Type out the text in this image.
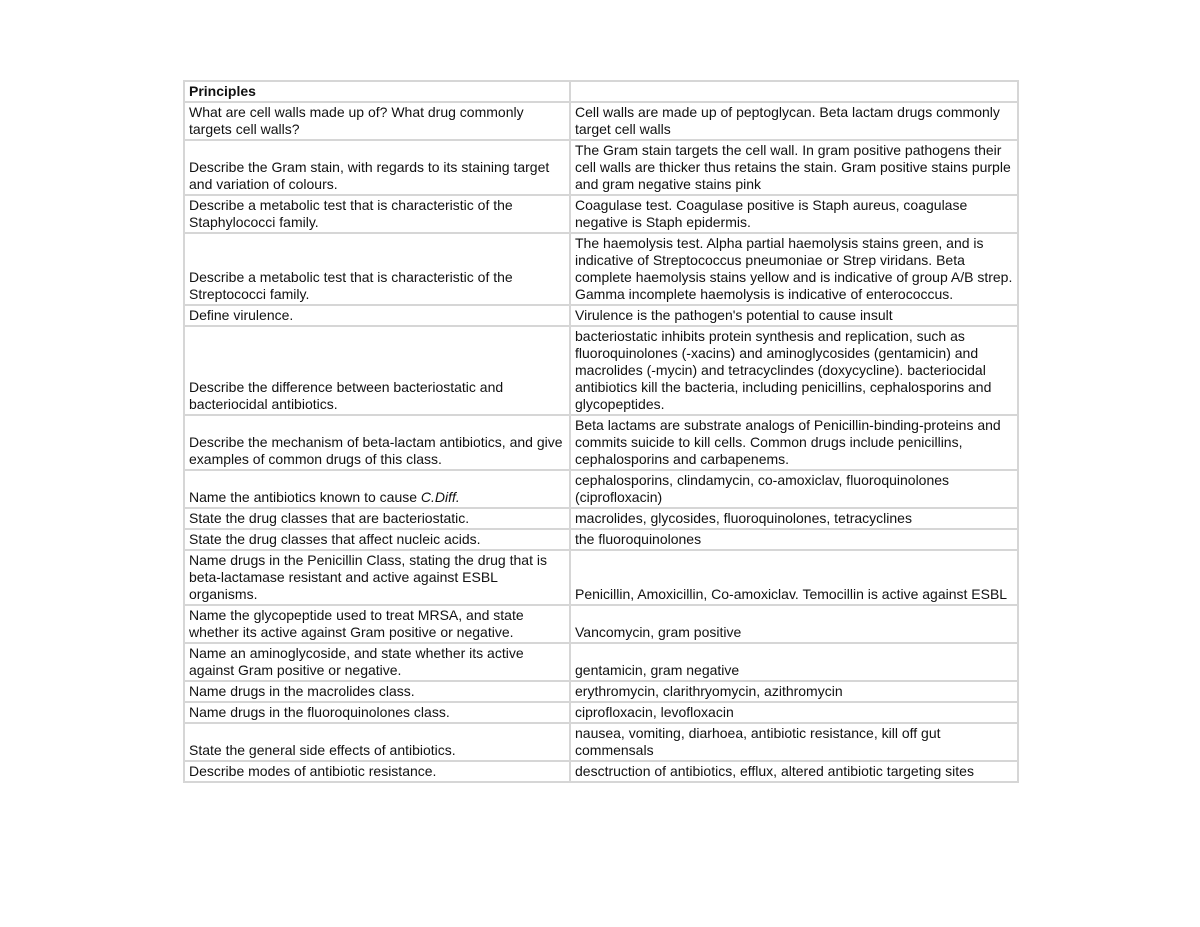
Principles	
What are cell walls made up of? What drug commonly targets cell walls?	Cell walls are made up of peptoglycan. Beta lactam drugs commonly target cell walls
Describe the Gram stain, with regards to its staining target and variation of colours.	The Gram stain targets the cell wall. In gram positive pathogens their cell walls are thicker thus retains the stain. Gram positive stains purple and gram negative stains pink
Describe a metabolic test that is characteristic of the Staphylococci family.	Coagulase test. Coagulase positive is Staph aureus, coagulase negative is Staph epidermis.
Describe a metabolic test that is characteristic of the Streptococci family.	The haemolysis test. Alpha partial haemolysis stains green, and is indicative of Streptococcus pneumoniae or Strep viridans. Beta complete haemolysis stains yellow and is indicative of group A/B strep. Gamma incomplete haemolysis is indicative of enterococcus.
Define virulence.	Virulence is the pathogen's potential to cause insult
Describe the difference between bacteriostatic and bacteriocidal antibiotics.	bacteriostatic inhibits protein synthesis and replication, such as fluoroquinolones (-xacins) and aminoglycosides (gentamicin) and macrolides (-mycin) and tetracyclindes (doxycycline). bacteriocidal antibiotics kill the bacteria, including penicillins, cephalosporins and glycopeptides.
Describe the mechanism of beta-lactam antibiotics, and give examples of common drugs of this class.	Beta lactams are substrate analogs of Penicillin-binding-proteins and commits suicide to kill cells. Common drugs include penicillins, cephalosporins and carbapenems.
Name the antibiotics known to cause C.Diff.	cephalosporins, clindamycin, co-amoxiclav, fluoroquinolones (ciprofloxacin)
State the drug classes that are bacteriostatic.	macrolides, glycosides, fluoroquinolones, tetracyclines
State the drug classes that affect nucleic acids.	the fluoroquinolones
Name drugs in the Penicillin Class, stating the drug that is beta-lactamase resistant and active against ESBL organisms.	Penicillin, Amoxicillin, Co-amoxiclav. Temocillin is active against ESBL
Name the glycopeptide used to treat MRSA, and state whether its active against Gram positive or negative.	Vancomycin, gram positive
Name an aminoglycoside, and state whether its active against Gram positive or negative.	gentamicin, gram negative
Name drugs in the macrolides class.	erythromycin, clarithryomycin, azithromycin
Name drugs in the fluoroquinolones class.	ciprofloxacin, levofloxacin
State the general side effects of antibiotics.	nausea, vomiting, diarhoea, antibiotic resistance, kill off gut commensals
Describe modes of antibiotic resistance.	desctruction of antibiotics, efflux, altered antibiotic targeting sites
